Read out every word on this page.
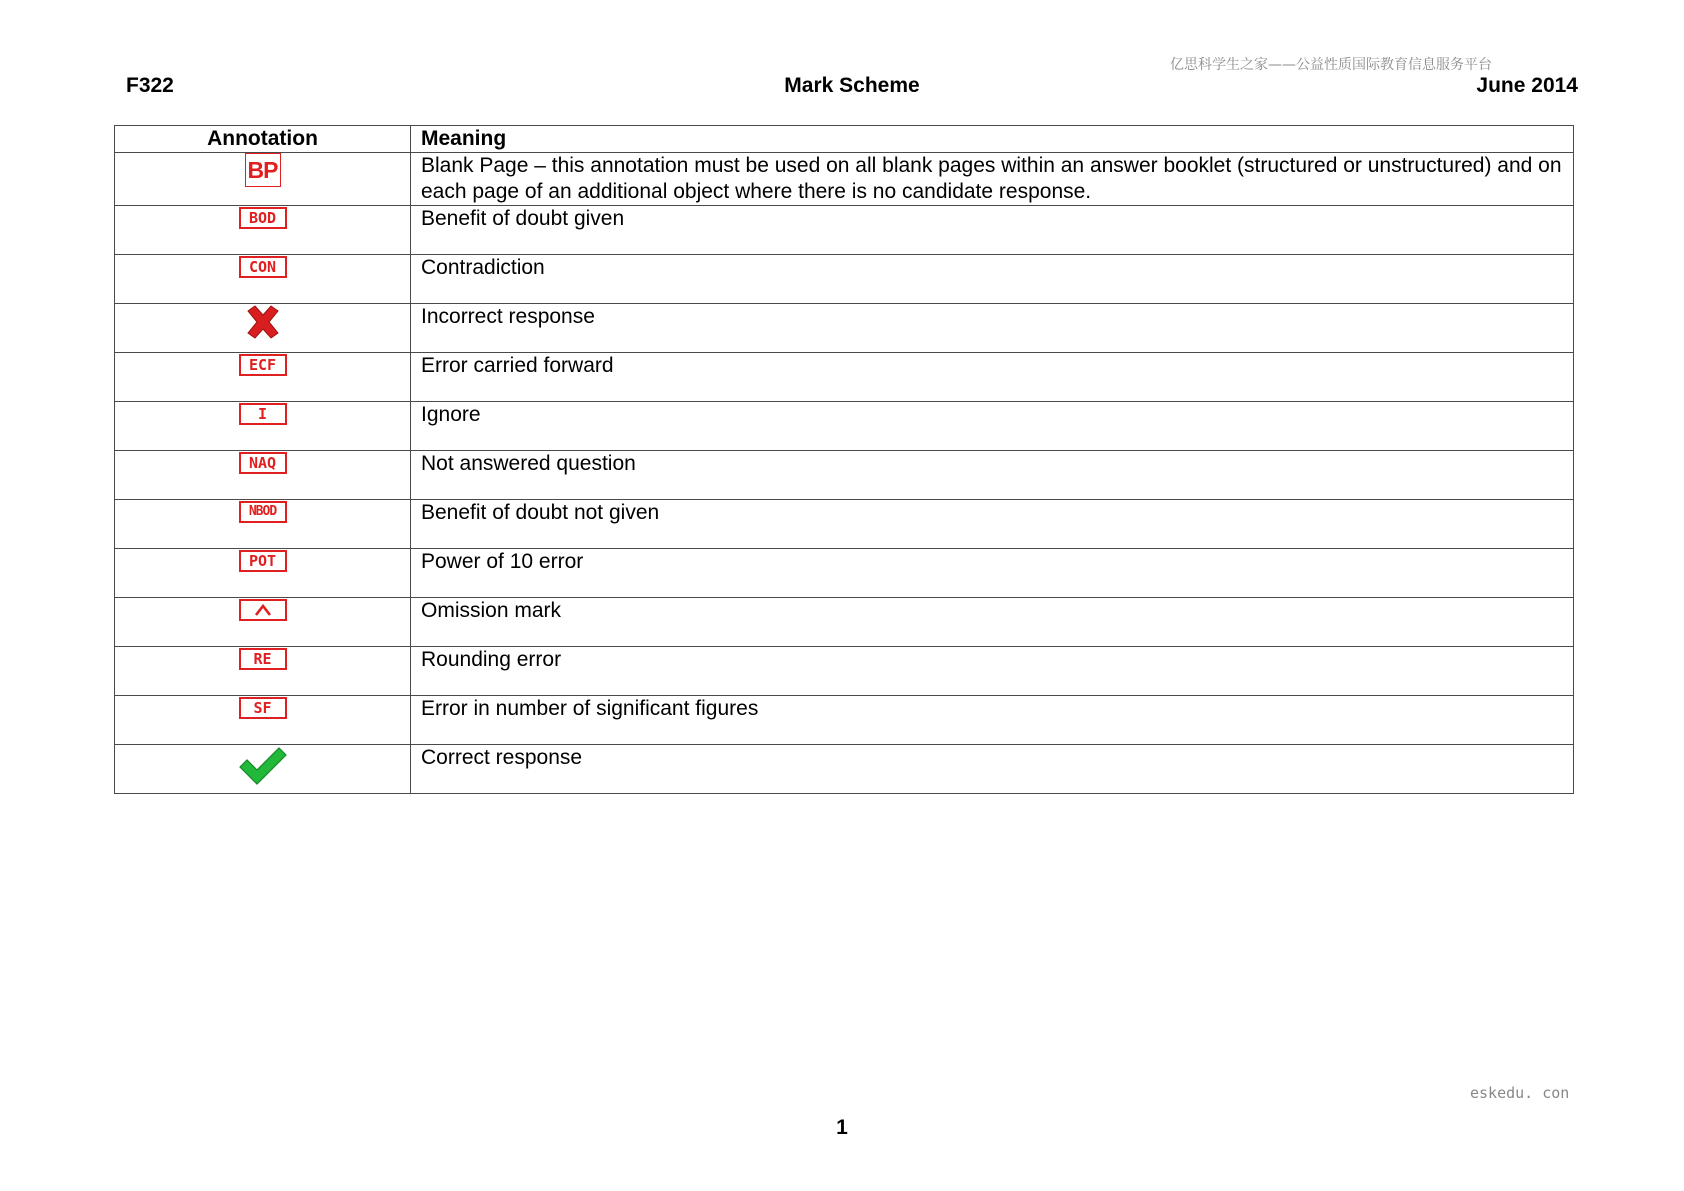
亿思科学生之家——公益性质国际教育信息服务平台
F322	Mark Scheme	June 2014
Annotation	Meaning
BP	Blank Page – this annotation must be used on all blank pages within an answer booklet (structured or unstructured) and on each page of an additional object where there is no candidate response.
BOD	Benefit of doubt given
CON	Contradiction
	Incorrect response
ECF	Error carried forward
I	Ignore
NAQ	Not answered question
NBOD	Benefit of doubt not given
POT	Power of 10 error

	Omission mark
RE	Rounding error
SF	Error in number of significant figures
	Correct response
eskedu. con
1
